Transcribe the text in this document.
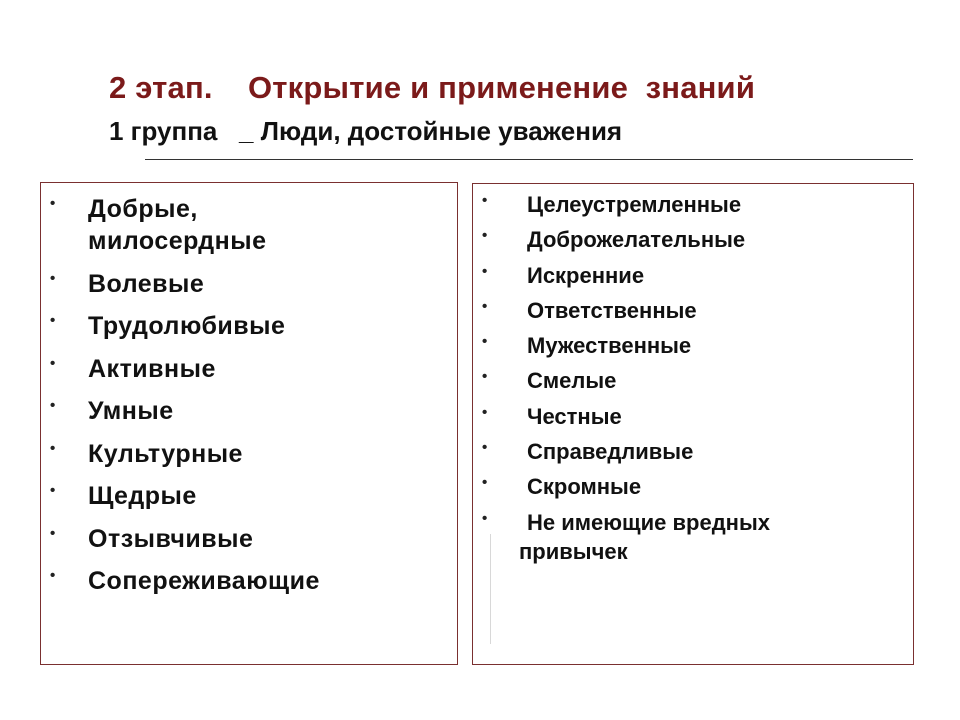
2 этап.    Открытие и применение  знаний
1 группа   _ Люди, достойные уважения
• Добрые,
милосердные
• Волевые
• Трудолюбивые
• Активные
• Умные
• Культурные
• Щедрые
• Отзывчивые
• Сопереживающие
• Целеустремленные
• Доброжелательные
• Искренние
• Ответственные
• Мужественные
• Смелые
• Честные
• Справедливые
• Скромные
• Не имеющие вредных
привычек
